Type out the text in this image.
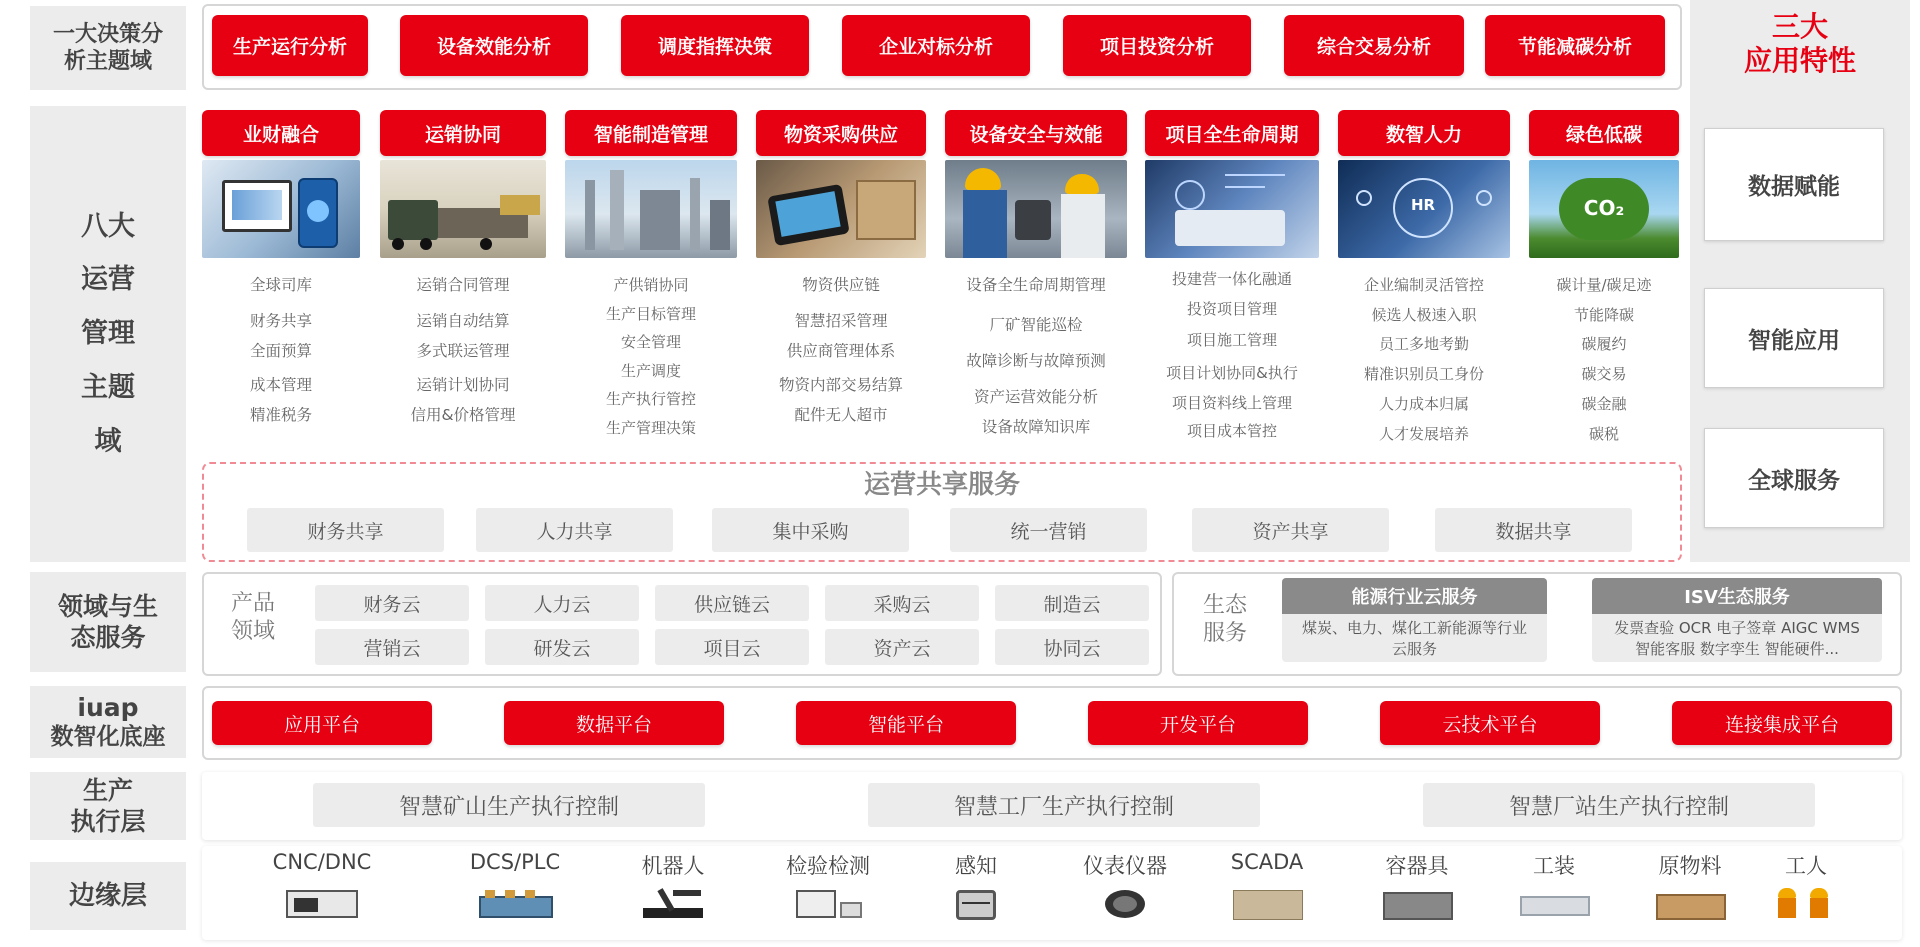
一大决策分
析主题域
八大
运营
管理
主题
域
领域与生
态服务
iuap
数智化底座
生产
执行层
边缘层
生产运行分析	设备效能分析	调度指挥决策	企业对标分析	项目投资分析	综合交易分析	节能减碳分析
三大
应用特性
数据赋能
智能应用
全球服务
业财融合
全球司库
财务共享
全面预算
成本管理
精准税务
运销协同
运销合同管理
运销自动结算
多式联运管理
运销计划协同
信用&价格管理
智能制造管理
产供销协同
生产目标管理
安全管理
生产调度
生产执行管控
生产管理决策
物资采购供应
物资供应链
智慧招采管理
供应商管理体系
物资内部交易结算
配件无人超市
设备安全与效能
设备全生命周期管理
厂矿智能巡检
故障诊断与故障预测
资产运营效能分析
设备故障知识库
项目全生命周期
投建营一体化融通
投资项目管理
项目施工管理
项目计划协同&执行
项目资料线上管理
项目成本管控
数智人力
HR
企业编制灵活管控
候选人极速入职
员工多地考勤
精准识别员工身份
人力成本归属
人才发展培养
绿色低碳
CO₂
碳计量/碳足迹
节能降碳
碳履约
碳交易
碳金融
碳税
运营共享服务
财务共享	人力共享	集中采购	统一营销	资产共享	数据共享
产品
领域
财务云	人力云	供应链云	采购云	制造云
营销云	研发云	项目云	资产云	协同云
生态
服务
能源行业云服务
煤炭、电力、煤化工新能源等行业
云服务
ISV生态服务
发票查验 OCR 电子签章 AIGC WMS
智能客服 数字孪生 智能硬件...
应用平台	数据平台	智能平台	开发平台	云技术平台	连接集成平台
智慧矿山生产执行控制	智慧工厂生产执行控制	智慧厂站生产执行控制
CNC/DNC	DCS/PLC	机器人	检验检测	感知	仪表仪器	SCADA	容器具	工装	原物料	工人
